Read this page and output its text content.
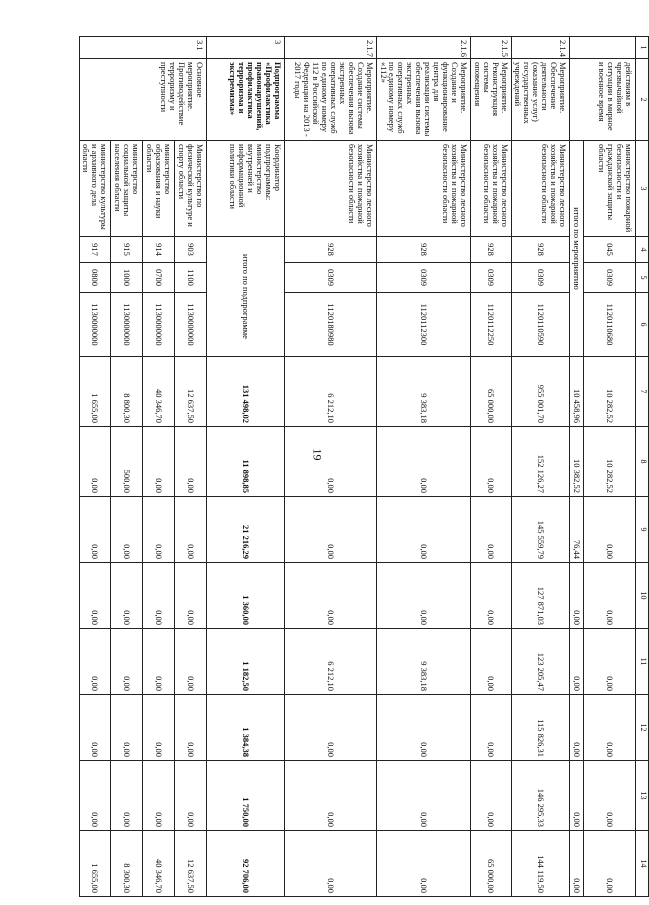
19
1	2	3	4	5	6	7	8	9	10	11	12	13	14
	действиям в чрезвычайной ситуации в мирное и военное время	министерство пожарной безопасности и гражданской защиты области	045	0309	1120110680	10 282,52	10 282,52	0,00	0,00	0,00	0,00	0,00	0,00
		итого по мероприятию				10 458,96	10 382,52	76,44	0,00	0,00	0,00	0,00	0,00
2.1.4	Мероприятие. Обеспечение деятельности (оказание услуг) государственных учреждений	Министерство лесного хозяйства и пожарной безопасности области	928	0309	1120110590	955 001,70	152 126,27	145 559,79	127 871,03	123 205,47	115 826,31	146 295,33	144 119,50
2.1.5	Мероприятие. Реконструкция системы оповещения	Министерство лесного хозяйства и пожарной безопасности области	928	0309	1120112250	65 000,00	0,00	0,00	0,00	0,00	0,00	0,00	65 000,00
2.1.6	Мероприятие. Создание и функционирование центра для реализации системы обеспечения вызова экстренных оперативных служб по единому номеру «112»	Министерство лесного хозяйства и пожарной безопасности области	928	0309	1120112300	9 383,18	0,00	0,00	0,00	9 383,18	0,00	0,00	0,00
2.1.7	Мероприятие. Создание системы обеспечения вызова экстренных оперативных служб по единому номеру 112 в Российской Федерации на 2013 - 2017 годы	Министерство лесного хозяйства и пожарной безопасности области	928	0309	1120180980	6 212,10	0,00	0,00	0,00	6 212,10	0,00	0,00	0,00
3	Подпрограмма «Профилактика правонарушений, профилактика терроризма и экстремизма»	Координатор подпрограммы: министерство внутренней и информационной политики области	итого по подпрограмме			131 498,02	11 898,85	21 216,29	1 360,00	1 182,50	1 384,38	1 750,00	92 706,00
3.1	Основное мероприятие. Противодействие терроризму и преступности	Министерство по физической культуре и спорту области	903	1100	1130000000	12 637,50	0,00	0,00	0,00	0,00	0,00	0,00	12 637,50
		министерство образования и науки области	914	0700	1130000000	40 346,70	0,00	0,00	0,00	0,00	0,00	0,00	40 346,70
		министерство социальной защиты населения области	915	1000	1130000000	8 800,30	500,00	0,00	0,00	0,00	0,00	0,00	8 300,30
		министерство культуры и архивного дела области	917	0800	1130000000	1 655,00	0,00	0,00	0,00	0,00	0,00	0,00	1 655,00
